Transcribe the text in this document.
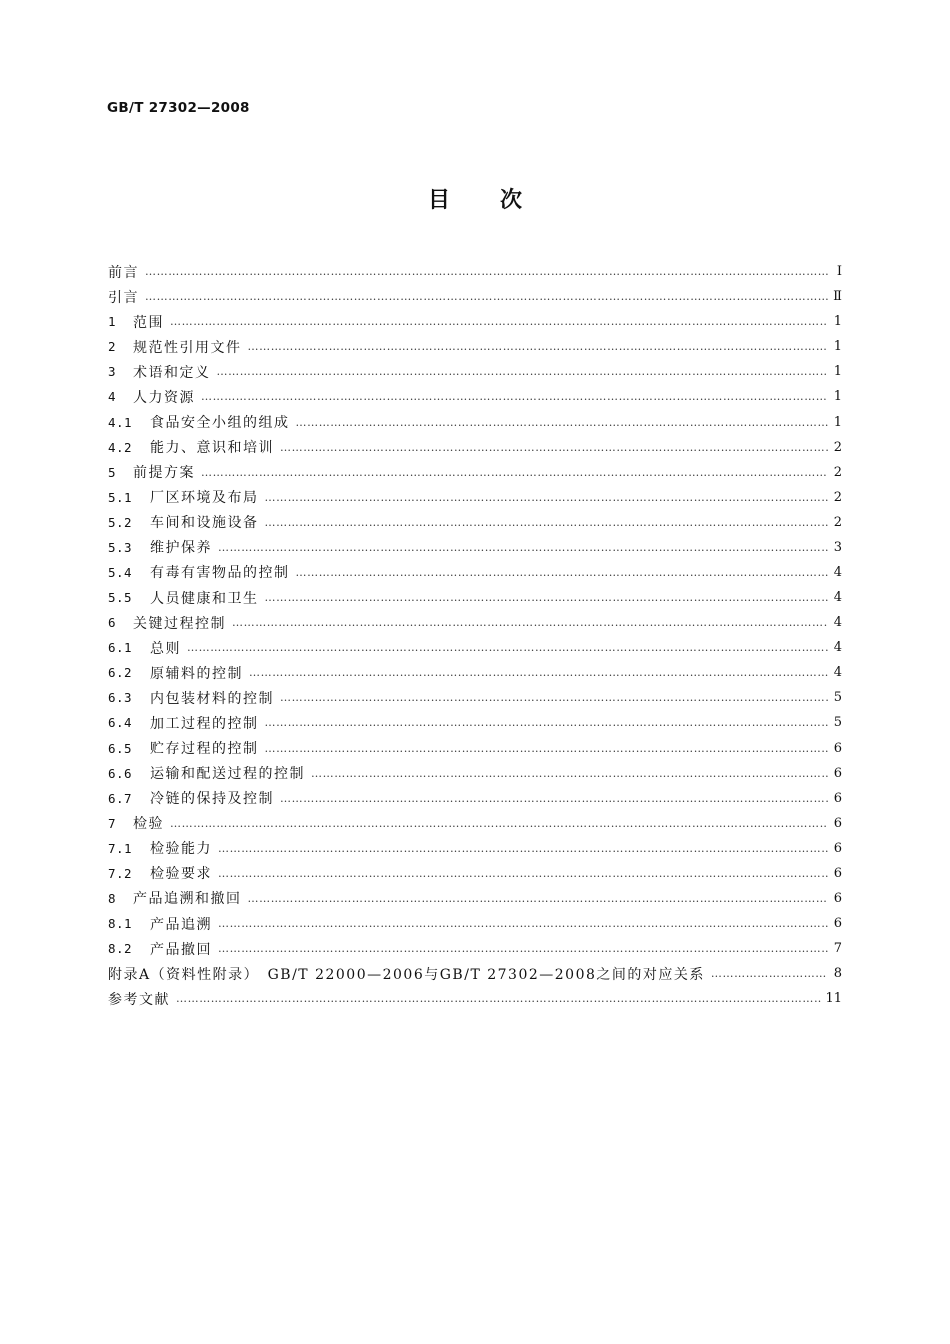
GB/T 27302—2008
目 次
前言 ………………………………………………………………………………………………………………………………………………………………………………………………………………	Ⅰ
引言 ………………………………………………………………………………………………………………………………………………………………………………………………………………	Ⅱ
1	范围 ………………………………………………………………………………………………………………………………………………………………………………………………………………	1
2	规范性引用文件 ………………………………………………………………………………………………………………………………………………………………………………………………………………	1
3	术语和定义 ………………………………………………………………………………………………………………………………………………………………………………………………………………	1
4	人力资源 ………………………………………………………………………………………………………………………………………………………………………………………………………………	1
4.1	食品安全小组的组成 ………………………………………………………………………………………………………………………………………………………………………………………………………………	1
4.2	能力、意识和培训 ………………………………………………………………………………………………………………………………………………………………………………………………………………	2
5	前提方案 ………………………………………………………………………………………………………………………………………………………………………………………………………………	2
5.1	厂区环境及布局 ………………………………………………………………………………………………………………………………………………………………………………………………………………	2
5.2	车间和设施设备 ………………………………………………………………………………………………………………………………………………………………………………………………………………	2
5.3	维护保养 ………………………………………………………………………………………………………………………………………………………………………………………………………………	3
5.4	有毒有害物品的控制 ………………………………………………………………………………………………………………………………………………………………………………………………………………	4
5.5	人员健康和卫生 ………………………………………………………………………………………………………………………………………………………………………………………………………………	4
6	关键过程控制 ………………………………………………………………………………………………………………………………………………………………………………………………………………	4
6.1	总则 ………………………………………………………………………………………………………………………………………………………………………………………………………………	4
6.2	原辅料的控制 ………………………………………………………………………………………………………………………………………………………………………………………………………………	4
6.3	内包装材料的控制 ………………………………………………………………………………………………………………………………………………………………………………………………………………	5
6.4	加工过程的控制 ………………………………………………………………………………………………………………………………………………………………………………………………………………	5
6.5	贮存过程的控制 ………………………………………………………………………………………………………………………………………………………………………………………………………………	6
6.6	运输和配送过程的控制 ………………………………………………………………………………………………………………………………………………………………………………………………………………	6
6.7	冷链的保持及控制 ………………………………………………………………………………………………………………………………………………………………………………………………………………	6
7	检验 ………………………………………………………………………………………………………………………………………………………………………………………………………………	6
7.1	检验能力 ………………………………………………………………………………………………………………………………………………………………………………………………………………	6
7.2	检验要求 ………………………………………………………………………………………………………………………………………………………………………………………………………………	6
8	产品追溯和撤回 ………………………………………………………………………………………………………………………………………………………………………………………………………………	6
8.1	产品追溯 ………………………………………………………………………………………………………………………………………………………………………………………………………………	6
8.2	产品撤回 ………………………………………………………………………………………………………………………………………………………………………………………………………………	7
附录A（资料性附录）　GB/T 22000—2006与GB/T 27302—2008之间的对应关系 ………………………………………………………………………………………………………………………………………………………………………………………………………………	8
参考文献 ………………………………………………………………………………………………………………………………………………………………………………………………………………	11
